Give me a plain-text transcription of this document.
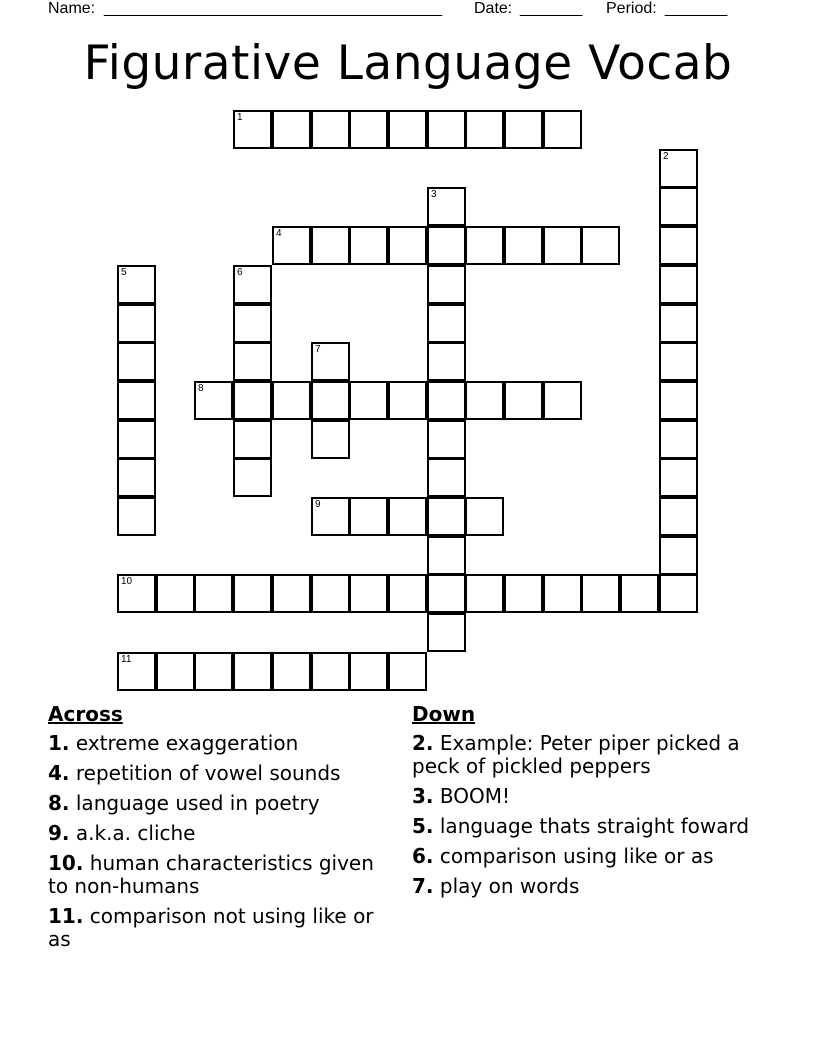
Name: ______________________________________ Date: _______ Period: _______
Figurative Language Vocab
1
2
3
4
5	6
7
8
9
10
11
Across
1. extreme exaggeration
4. repetition of vowel sounds
8. language used in poetry
9. a.k.a. cliche
10. human characteristics given to non-humans
11. comparison not using like or as
Down
2. Example: Peter piper picked a peck of pickled peppers
3. BOOM!
5. language thats straight foward
6. comparison using like or as
7. play on words
